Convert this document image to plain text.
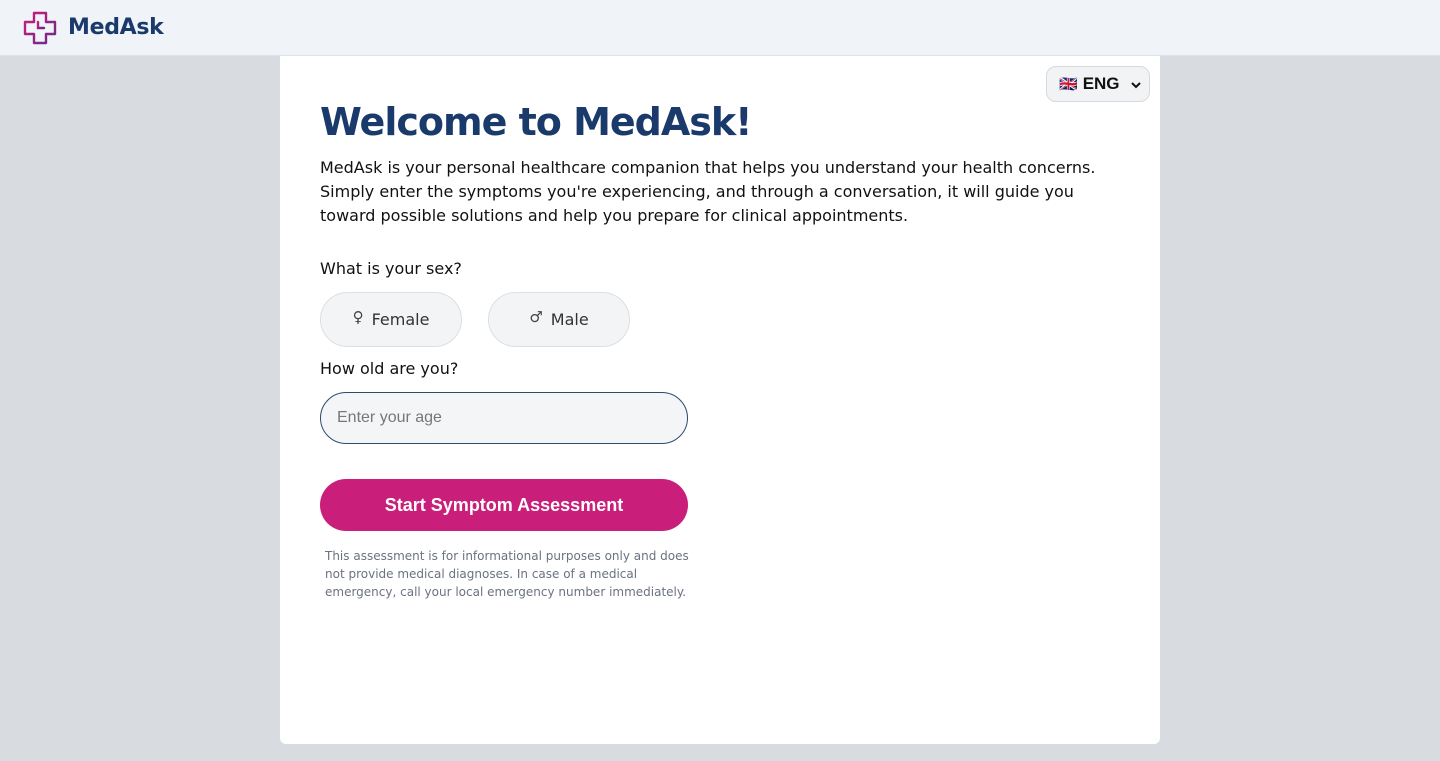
MedAsk
🇬🇧 ENG
Welcome to MedAsk!

MedAsk is your personal healthcare companion that helps you understand your health concerns. Simply enter the symptoms you're experiencing, and through a conversation, it will guide you toward possible solutions and help you prepare for clinical appointments.

What is your sex?
♀ Female	♂ Male
How old are you?
Enter your age
Start Symptom Assessment

This assessment is for informational purposes only and does not provide medical diagnoses. In case of a medical emergency, call your local emergency number immediately.
